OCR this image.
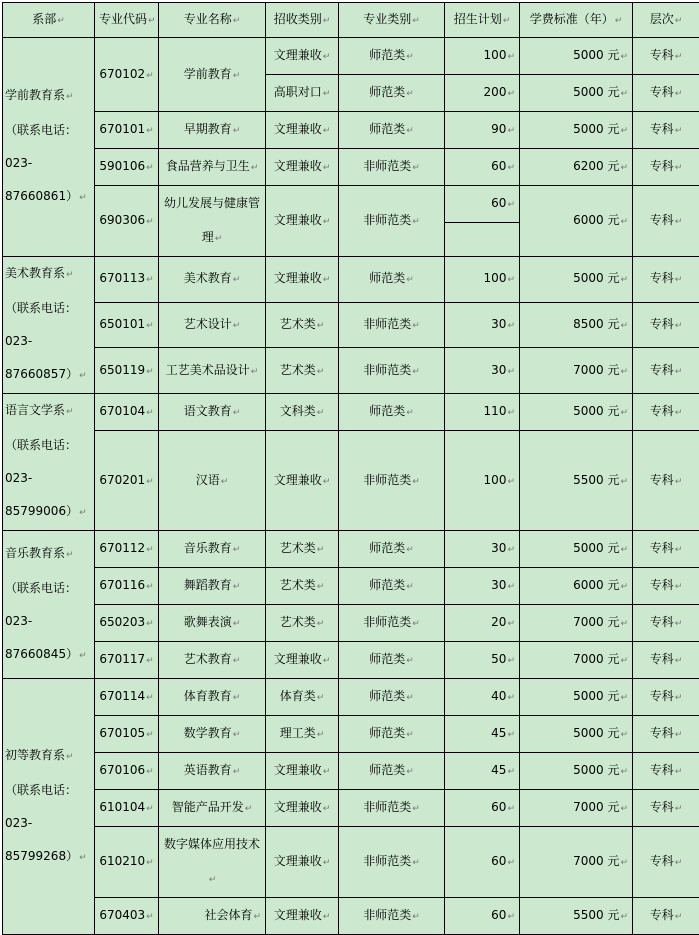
系部↵	专业代码↵	专业名称↵	招收类别↵	专业类别↵	招生计划↵	学费标准（年）↵	层次↵

学前教育系↵
（联系电话：
023-87660861）↵	670102↵	学前教育↵	文理兼收↵	师范类↵	100↵	5000 元↵	专科↵
			高职对口↵	师范类↵	200↵	5000 元↵	专科↵
	670101↵	早期教育↵	文理兼收↵	师范类↵	90↵	5000 元↵	专科↵
	590106↵	食品营养与卫生↵	文理兼收↵	非师范类↵	60↵	6200 元↵	专科↵
	690306↵	幼儿发展与健康管理↵	文理兼收↵	非师范类↵	60↵	6000 元↵	专科↵

美术教育系↵
（联系电话：
023-87660857）↵	670113↵	美术教育↵	文理兼收↵	师范类↵	100↵	5000 元↵	专科↵
	650101↵	艺术设计↵	艺术类↵	非师范类↵	30↵	8500 元↵	专科↵
	650119↵	工艺美术品设计↵	艺术类↵	非师范类↵	30↵	7000 元↵	专科↵

语言文学系↵
（联系电话：
023-85799006）↵	670104↵	语文教育↵	文科类↵	师范类↵	110↵	5000 元↵	专科↵

	670201↵	汉语↵	文理兼收↵	非师范类↵	100↵	5500 元↵	专科↵

音乐教育系↵
（联系电话：
023-87660845）↵	670112↵	音乐教育↵	艺术类↵	师范类↵	30↵	5000 元↵	专科↵
	670116↵	舞蹈教育↵	艺术类↵	师范类↵	30↵	6000 元↵	专科↵
	650203↵	歌舞表演↵	艺术类↵	非师范类↵	20↵	7000 元↵	专科↵
	670117↵	艺术教育↵	文理兼收↵	师范类↵	50↵	7000 元↵	专科↵

初等教育系↵
（联系电话：
023-85799268）↵	670114↵	体育教育↵	体育类↵	师范类↵	40↵	5000 元↵	专科↵
	670105↵	数学教育↵	理工类↵	师范类↵	45↵	5000 元↵	专科↵
	670106↵	英语教育↵	文理兼收↵	师范类↵	45↵	5000 元↵	专科↵
	610104↵	智能产品开发↵	文理兼收↵	非师范类↵	60↵	7000 元↵	专科↵
	610210↵	数字媒体应用技术↵	文理兼收↵	非师范类↵	60↵	7000 元↵	专科↵

	670403↵	社会体育↵	文理兼收↵	非师范类↵	60↵	5500 元↵	专科↵
